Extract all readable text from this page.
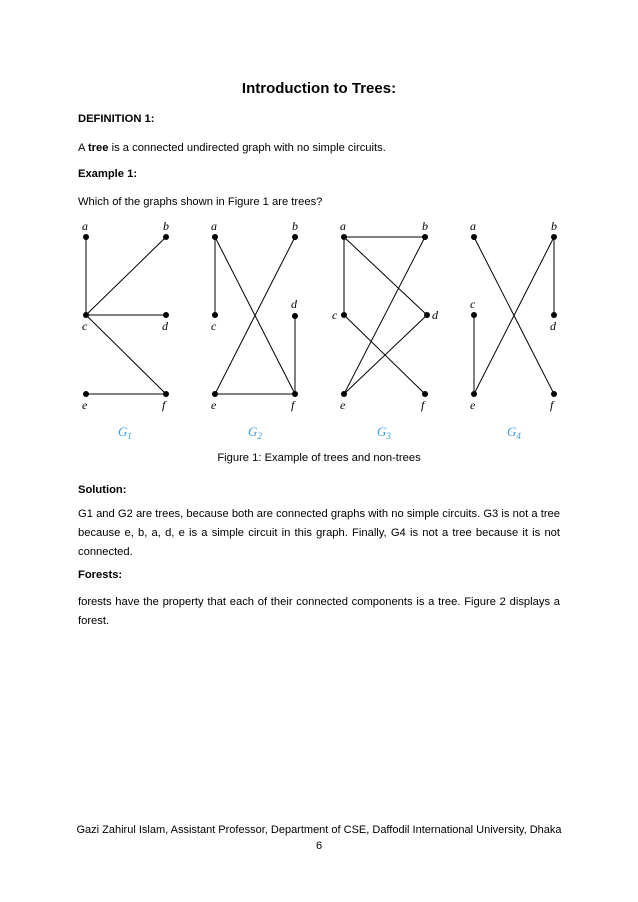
Introduction to Trees:

DEFINITION 1:

A tree is a connected undirected graph with no simple circuits.

Example 1:

Which of the graphs shown in Figure 1 are trees?

a	b
c	d
e	f
a	b
c
d
e	f
a	b
c	d
e	f
a	b
c
d
e	f
$G_1$	$G_2$	$G_3$	$G_4$
Figure 1: Example of trees and non-trees

Solution:

G1 and G2 are trees, because both are connected graphs with no simple circuits. G3 is not a tree because e, b, a, d, e is a simple circuit in this graph. Finally, G4 is not a tree because it is not connected.

Forests:

forests have the property that each of their connected components is a tree. Figure 2 displays a forest.

Gazi Zahirul Islam, Assistant Professor, Department of CSE, Daffodil International University, Dhaka
6
